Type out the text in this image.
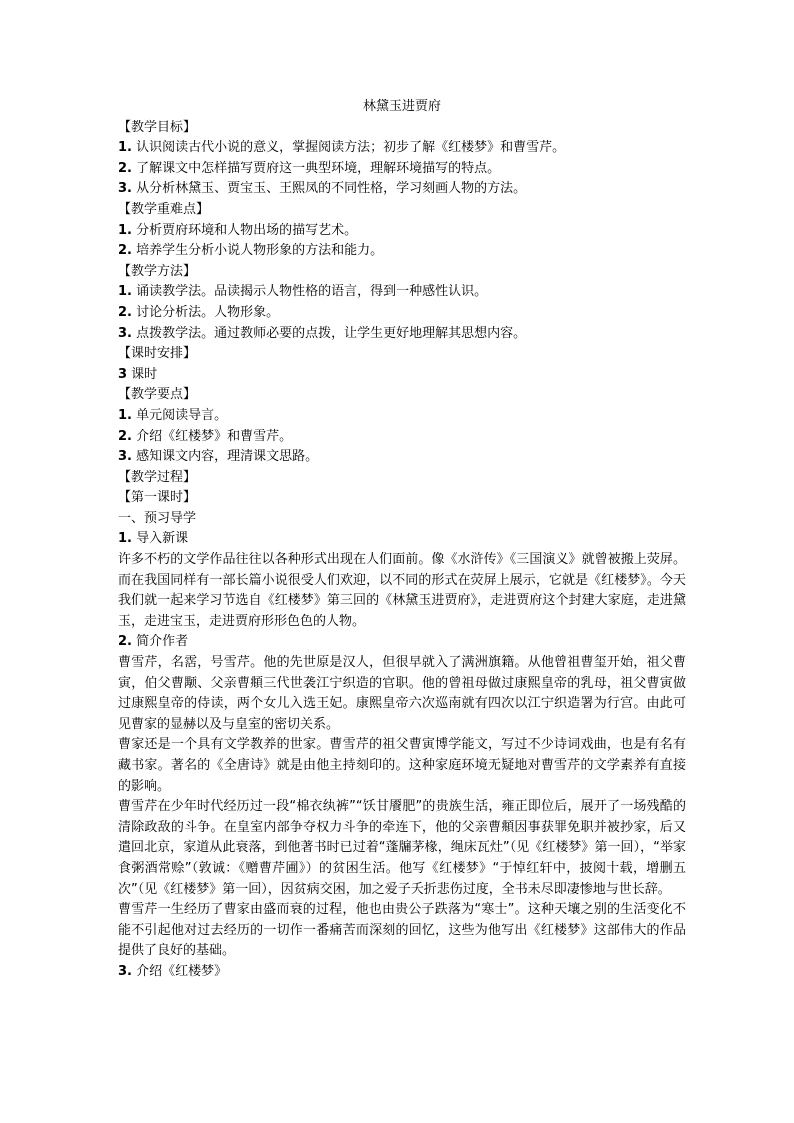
林黛玉进贾府

【教学目标】

1. 认识阅读古代小说的意义，掌握阅读方法；初步了解《红楼梦》和曹雪芹。

2. 了解课文中怎样描写贾府这一典型环境，理解环境描写的特点。

3. 从分析林黛玉、贾宝玉、王熙凤的不同性格，学习刻画人物的方法。

【教学重难点】

1. 分析贾府环境和人物出场的描写艺术。

2. 培养学生分析小说人物形象的方法和能力。

【教学方法】

1. 诵读教学法。品读揭示人物性格的语言，得到一种感性认识。

2. 讨论分析法。人物形象。

3. 点拨教学法。通过教师必要的点拨，让学生更好地理解其思想内容。

【课时安排】

3 课时

【教学要点】

1. 单元阅读导言。

2. 介绍《红楼梦》和曹雪芹。

3. 感知课文内容，理清课文思路。

【教学过程】

【第一课时】

一、预习导学

1. 导入新课

许多不朽的文学作品往往以各种形式出现在人们面前。像《水浒传》《三国演义》就曾被搬上荧屏。而在我国同样有一部长篇小说很受人们欢迎，以不同的形式在荧屏上展示，它就是《红楼梦》。今天我们就一起来学习节选自《红楼梦》第三回的《林黛玉进贾府》，走进贾府这个封建大家庭，走进黛玉，走进宝玉，走进贾府形形色色的人物。

2. 简介作者

曹雪芹，名霑，号雪芹。他的先世原是汉人，但很早就入了满洲旗籍。从他曾祖曹玺开始，祖父曹寅，伯父曹颙、父亲曹頫三代世袭江宁织造的官职。他的曾祖母做过康熙皇帝的乳母，祖父曹寅做过康熙皇帝的侍读，两个女儿入选王妃。康熙皇帝六次巡南就有四次以江宁织造署为行宫。由此可见曹家的显赫以及与皇室的密切关系。

曹家还是一个具有文学教养的世家。曹雪芹的祖父曹寅博学能文，写过不少诗词戏曲，也是有名有藏书家。著名的《全唐诗》就是由他主持刻印的。这种家庭环境无疑地对曹雪芹的文学素养有直接的影响。

曹雪芹在少年时代经历过一段“棉衣纨裤”“饫甘餍肥”的贵族生活，雍正即位后，展开了一场残酷的清除政敌的斗争。在皇室内部争夺权力斗争的牵连下，他的父亲曹頫因事获罪免职并被抄家，后又遣回北京，家道从此衰落，到他著书时已过着“蓬牖茅椽，绳床瓦灶”（见《红楼梦》第一回），“举家食粥酒常赊”（敦诚：《赠曹芹圃》）的贫困生活。他写《红楼梦》“于悼红轩中，披阅十载，增删五次”（见《红楼梦》第一回），因贫病交困，加之爱子夭折悲伤过度，全书未尽即凄惨地与世长辞。

曹雪芹一生经历了曹家由盛而衰的过程，他也由贵公子跌落为“寒士”。这种天壤之别的生活变化不能不引起他对过去经历的一切作一番痛苦而深刻的回忆，这些为他写出《红楼梦》这部伟大的作品提供了良好的基础。

3. 介绍《红楼梦》
